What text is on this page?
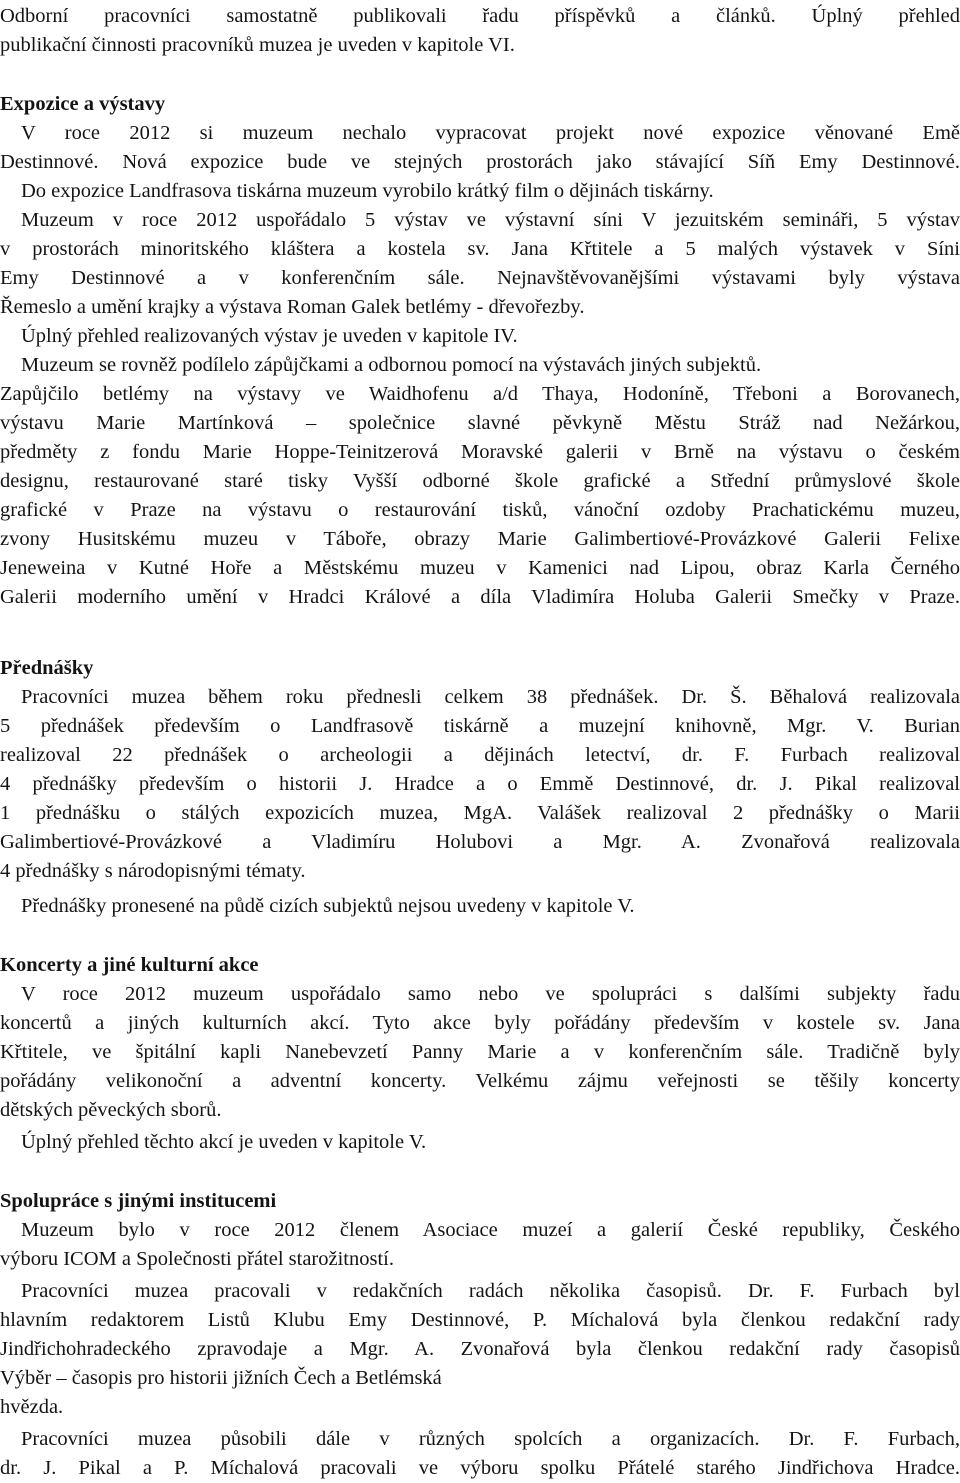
Odborní pracovníci samostatně publikovali řadu příspěvků a článků. Úplný přehled
publikační činnosti pracovníků muzea je uveden v kapitole VI.
Expozice a výstavy
V roce 2012 si muzeum nechalo vypracovat projekt nové expozice věnované Emě
Destinnové. Nová expozice bude ve stejných prostorách jako stávající Síň Emy Destinnové.
Do expozice Landfrasova tiskárna muzeum vyrobilo krátký film o dějinách tiskárny.
Muzeum v roce 2012 uspořádalo 5 výstav ve výstavní síni V jezuitském semináři, 5 výstav
v prostorách minoritského kláštera a kostela sv. Jana Křtitele a 5 malých výstavek v Síni
Emy Destinnové a v konferenčním sále. Nejnavštěvovanějšími výstavami byly výstava
Řemeslo a umění krajky a výstava Roman Galek betlémy - dřevořezby.
Úplný přehled realizovaných výstav je uveden v kapitole IV.
Muzeum se rovněž podílelo zápůjčkami a odbornou pomocí na výstavách jiných subjektů.
Zapůjčilo betlémy na výstavy ve Waidhofenu a/d Thaya, Hodoníně, Třeboni a Borovanech,
výstavu Marie Martínková – společnice slavné pěvkyně Městu Stráž nad Nežárkou,
předměty z fondu Marie Hoppe-Teinitzerová Moravské galerii v Brně na výstavu o českém
designu, restaurované staré tisky Vyšší odborné škole grafické a Střední průmyslové škole
grafické v Praze na výstavu o restaurování tisků, vánoční ozdoby Prachatickému muzeu,
zvony Husitskému muzeu v Táboře, obrazy Marie Galimbertiové-Provázkové Galerii Felixe
Jeneweina v Kutné Hoře a Městskému muzeu v Kamenici nad Lipou, obraz Karla Černého
Galerii moderního umění v Hradci Králové a díla Vladimíra Holuba Galerii Smečky v Praze.
Přednášky
Pracovníci muzea během roku přednesli celkem 38 přednášek. Dr. Š. Běhalová realizovala
5 přednášek především o Landfrasově tiskárně a muzejní knihovně, Mgr. V. Burian
realizoval 22 přednášek o archeologii a dějinách letectví, dr. F. Furbach realizoval
4 přednášky především o historii J. Hradce a o Emmě Destinnové, dr. J. Pikal realizoval
1 přednášku o stálých expozicích muzea, MgA. Valášek realizoval 2 přednášky o Marii
Galimbertiové-Provázkové a Vladimíru Holubovi a Mgr. A. Zvonařová realizovala
4 přednášky s národopisnými tématy.
Přednášky pronesené na půdě cizích subjektů nejsou uvedeny v kapitole V.
Koncerty a jiné kulturní akce
V roce 2012 muzeum uspořádalo samo nebo ve spolupráci s dalšími subjekty řadu
koncertů a jiných kulturních akcí. Tyto akce byly pořádány především v kostele sv. Jana
Křtitele, ve špitální kapli Nanebevzetí Panny Marie a v konferenčním sále. Tradičně byly
pořádány velikonoční a adventní koncerty. Velkému zájmu veřejnosti se těšily koncerty
dětských pěveckých sborů.
Úplný přehled těchto akcí je uveden v kapitole V.
Spolupráce s jinými institucemi
Muzeum bylo v roce 2012 členem Asociace muzeí a galerií České republiky, Českého
výboru ICOM a Společnosti přátel starožitností.
Pracovníci muzea pracovali v redakčních radách několika časopisů. Dr. F. Furbach byl
hlavním redaktorem Listů Klubu Emy Destinnové, P. Míchalová byla členkou redakční rady
Jindřichohradeckého zpravodaje a Mgr. A. Zvonařová byla členkou redakční rady časopisů
Výběr – časopis pro historii jižních Čech a Betlémská
hvězda.
Pracovníci muzea působili dále v různých spolcích a organizacích. Dr. F. Furbach,
dr. J. Pikal a P. Míchalová pracovali ve výboru spolku Přátelé starého Jindřichova Hradce.
